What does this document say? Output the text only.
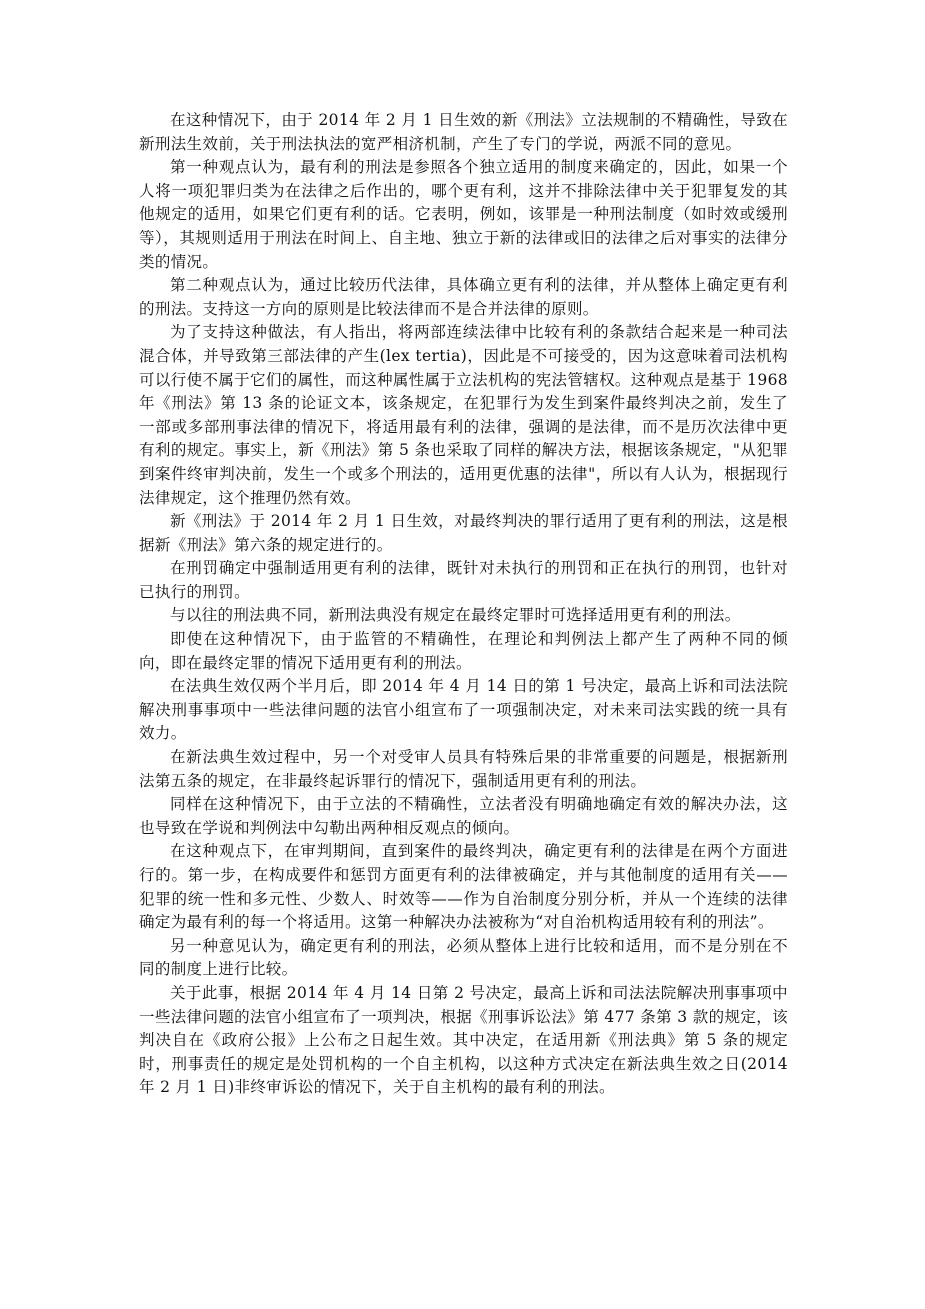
在这种情况下，由于 2014 年 2 月 1 日生效的新《刑法》立法规制的不精确性，导致在新刑法生效前，关于刑法执法的宽严相济机制，产生了专门的学说，两派不同的意见。

第一种观点认为，最有利的刑法是参照各个独立适用的制度来确定的，因此，如果一个人将一项犯罪归类为在法律之后作出的，哪个更有利，这并不排除法律中关于犯罪复发的其他规定的适用，如果它们更有利的话。它表明，例如，该罪是一种刑法制度（如时效或缓刑等），其规则适用于刑法在时间上、自主地、独立于新的法律或旧的法律之后对事实的法律分类的情况。

第二种观点认为，通过比较历代法律，具体确立更有利的法律，并从整体上确定更有利的刑法。支持这一方向的原则是比较法律而不是合并法律的原则。

为了支持这种做法，有人指出，将两部连续法律中比较有利的条款结合起来是一种司法混合体，并导致第三部法律的产生(lex tertia)，因此是不可接受的，因为这意味着司法机构可以行使不属于它们的属性，而这种属性属于立法机构的宪法管辖权。这种观点是基于 1968 年《刑法》第 13 条的论证文本，该条规定，在犯罪行为发生到案件最终判决之前，发生了一部或多部刑事法律的情况下，将适用最有利的法律，强调的是法律，而不是历次法律中更有利的规定。事实上，新《刑法》第 5 条也采取了同样的解决方法，根据该条规定，"从犯罪到案件终审判决前，发生一个或多个刑法的，适用更优惠的法律"，所以有人认为，根据现行法律规定，这个推理仍然有效。

新《刑法》于 2014 年 2 月 1 日生效，对最终判决的罪行适用了更有利的刑法，这是根据新《刑法》第六条的规定进行的。

在刑罚确定中强制适用更有利的法律，既针对未执行的刑罚和正在执行的刑罚，也针对已执行的刑罚。

与以往的刑法典不同，新刑法典没有规定在最终定罪时可选择适用更有利的刑法。

即使在这种情况下，由于监管的不精确性，在理论和判例法上都产生了两种不同的倾向，即在最终定罪的情况下适用更有利的刑法。

在法典生效仅两个半月后，即 2014 年 4 月 14 日的第 1 号决定，最高上诉和司法法院解决刑事事项中一些法律问题的法官小组宣布了一项强制决定，对未来司法实践的统一具有效力。

在新法典生效过程中，另一个对受审人员具有特殊后果的非常重要的问题是，根据新刑法第五条的规定，在非最终起诉罪行的情况下，强制适用更有利的刑法。

同样在这种情况下，由于立法的不精确性，立法者没有明确地确定有效的解决办法，这也导致在学说和判例法中勾勒出两种相反观点的倾向。

在这种观点下，在审判期间，直到案件的最终判决，确定更有利的法律是在两个方面进行的。第一步，在构成要件和惩罚方面更有利的法律被确定，并与其他制度的适用有关——犯罪的统一性和多元性、少数人、时效等——作为自治制度分别分析，并从一个连续的法律确定为最有利的每一个将适用。这第一种解决办法被称为“对自治机构适用较有利的刑法”。

另一种意见认为，确定更有利的刑法，必须从整体上进行比较和适用，而不是分别在不同的制度上进行比较。

关于此事，根据 2014 年 4 月 14 日第 2 号决定，最高上诉和司法法院解决刑事事项中一些法律问题的法官小组宣布了一项判决，根据《刑事诉讼法》第 477 条第 3 款的规定，该判决自在《政府公报》上公布之日起生效。其中决定，在适用新《刑法典》第 5 条的规定时，刑事责任的规定是处罚机构的一个自主机构，以这种方式决定在新法典生效之日(2014 年 2 月 1 日)非终审诉讼的情况下，关于自主机构的最有利的刑法。
